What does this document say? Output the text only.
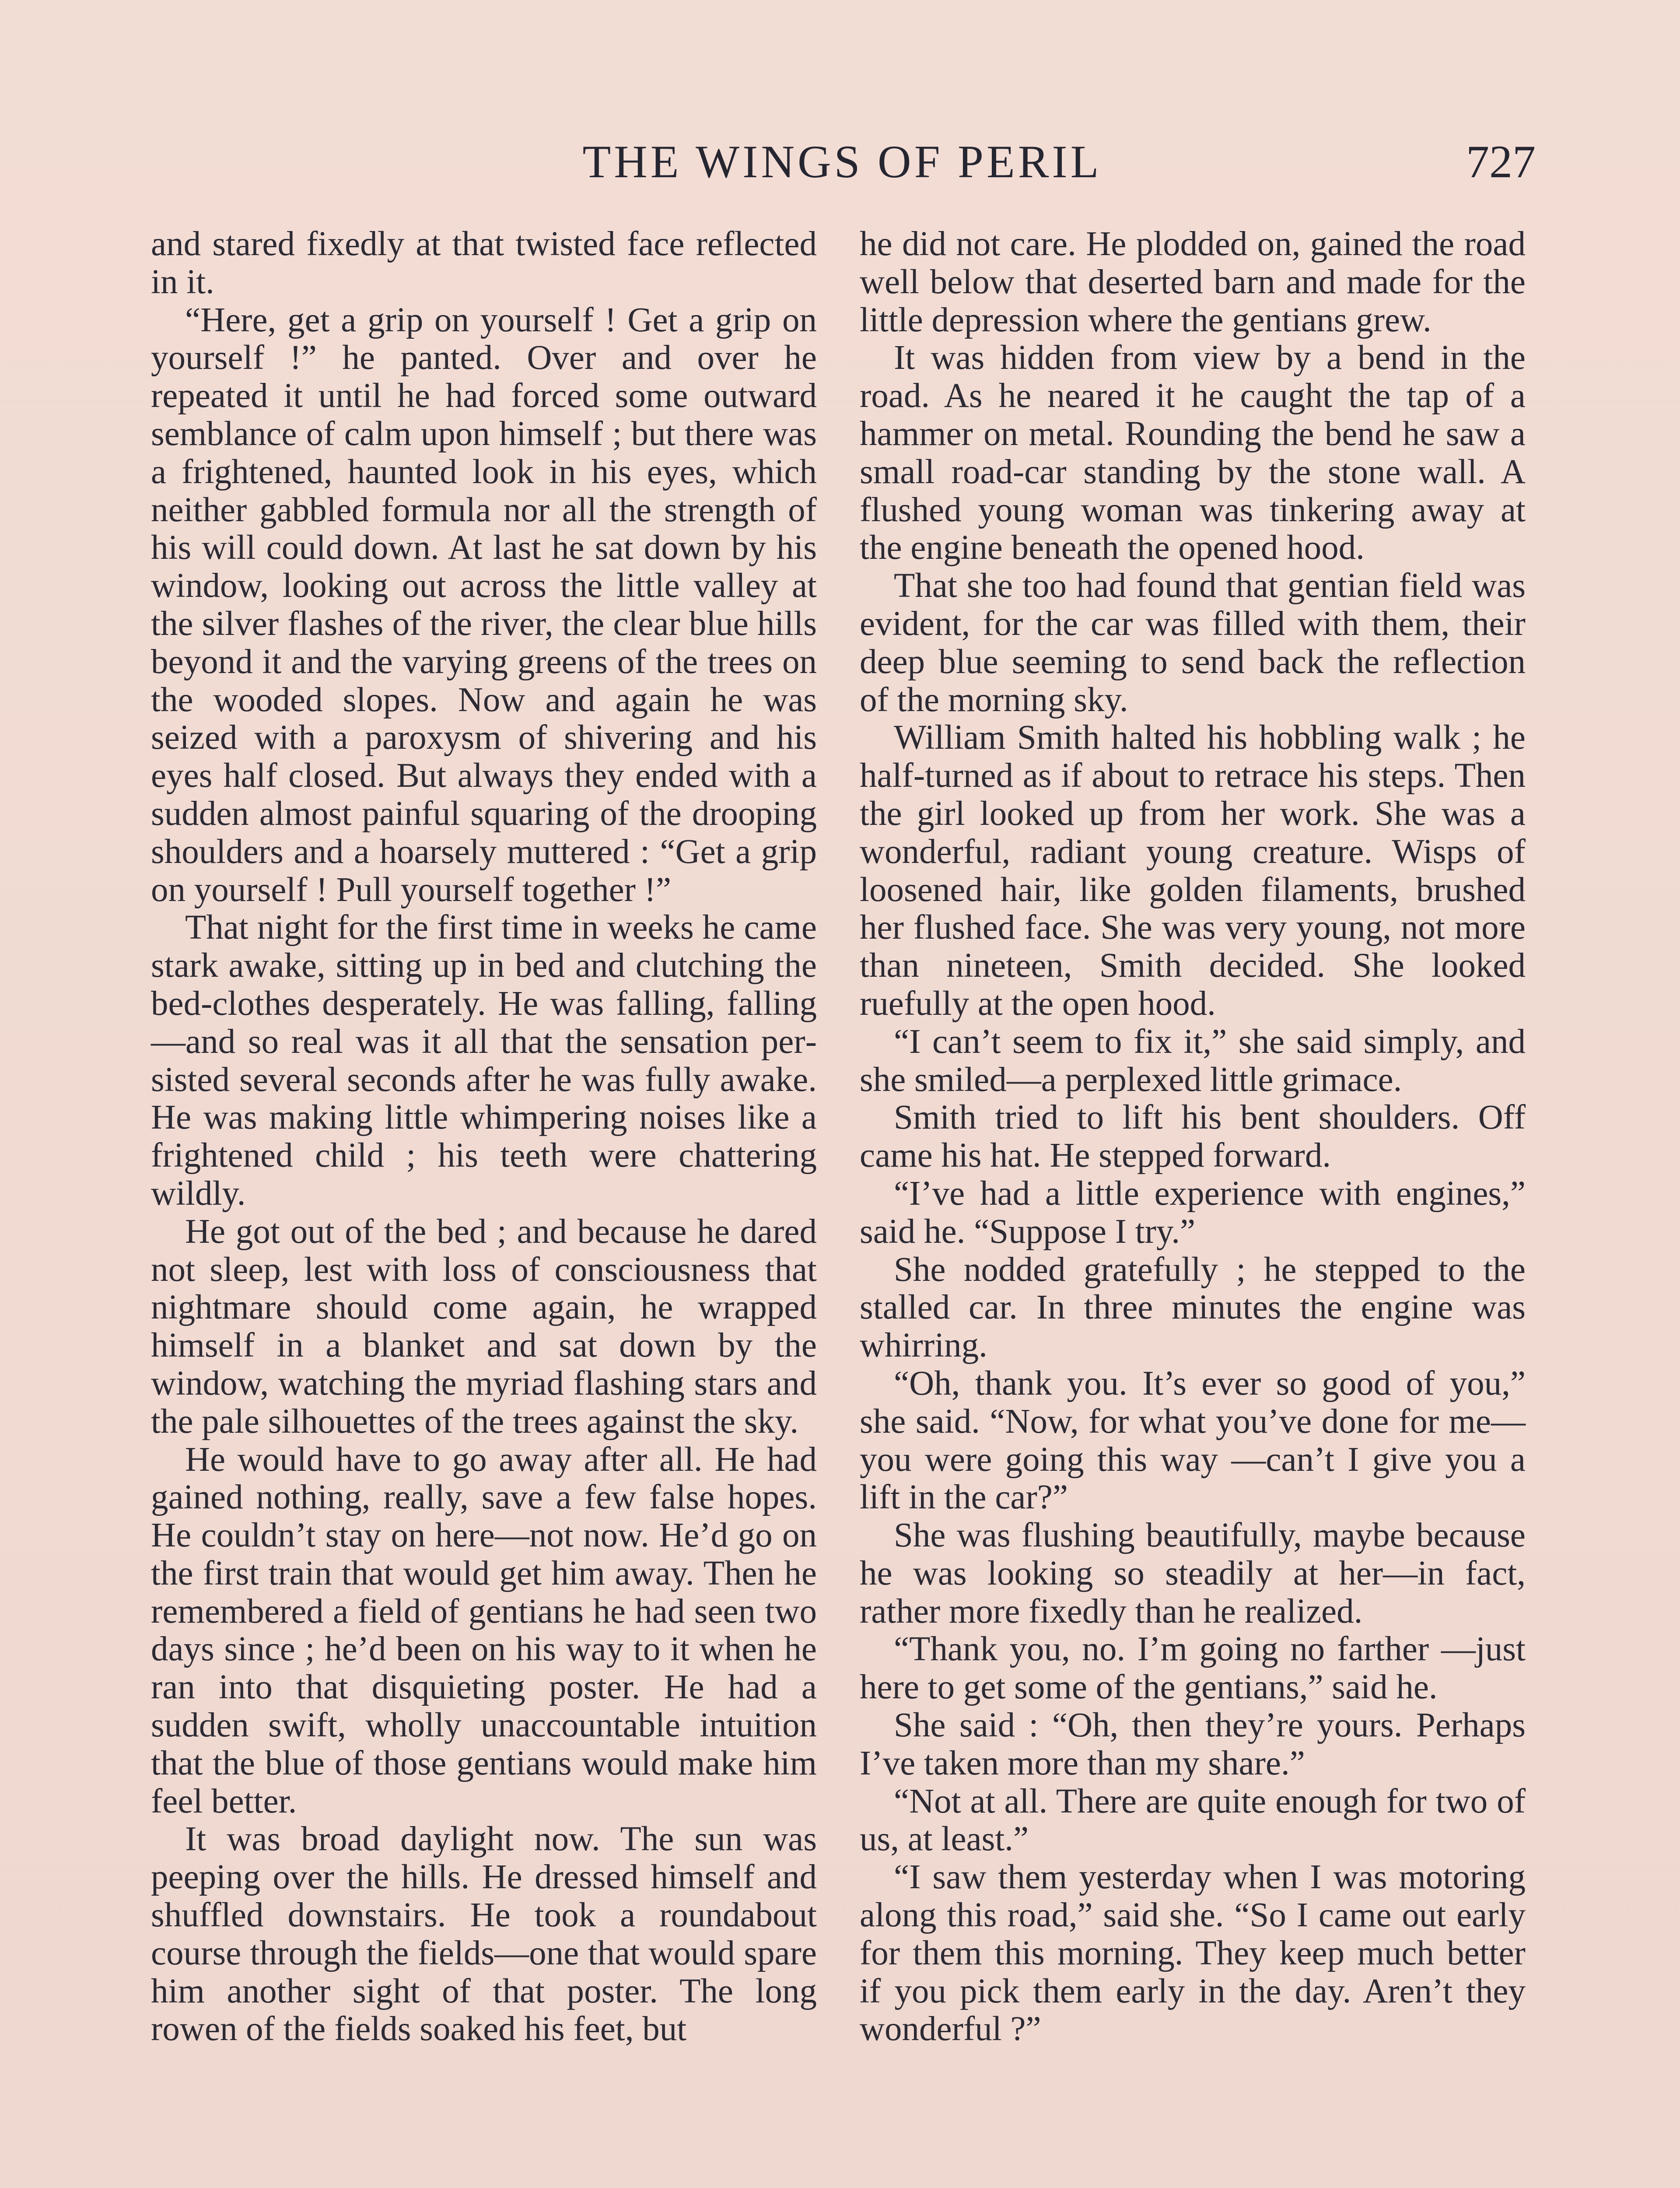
THE WINGS OF PERIL	727

and stared fixedly at that twisted face reflected in it.

“Here, get a grip on yourself ! Get a grip on yourself !” he panted. Over and over he repeated it until he had forced some outward semblance of calm upon himself ; but there was a frightened, haunted look in his eyes, which neither gabbled formula nor all the strength of his will could down. At last he sat down by his window, looking out across the little valley at the silver flashes of the river, the clear blue hills beyond it and the varying greens of the trees on the wooded slopes. Now and again he was seized with a paroxysm of shivering and his eyes half closed. But always they ended with a sudden almost painful squaring of the drooping shoulders and a hoarsely muttered : “Get a grip on yourself ! Pull yourself together !”

That night for the first time in weeks he came stark awake, sitting up in bed and clutching the bed-clothes desperately. He was falling, falling—and so real was it all that the sensation persisted several seconds after he was fully awake. He was making little whimpering noises like a frightened child ; his teeth were chattering wildly.

He got out of the bed ; and because he dared not sleep, lest with loss of consciousness that nightmare should come again, he wrapped himself in a blanket and sat down by the window, watching the myriad flashing stars and the pale silhouettes of the trees against the sky.

He would have to go away after all. He had gained nothing, really, save a few false hopes. He couldn’t stay on here—not now. He’d go on the first train that would get him away. Then he remembered a field of gentians he had seen two days since ; he’d been on his way to it when he ran into that disquieting poster. He had a sudden swift, wholly unaccountable intuition that the blue of those gentians would make him feel better.

It was broad daylight now. The sun was peeping over the hills. He dressed himself and shuffled downstairs. He took a roundabout course through the fields—one that would spare him another sight of that poster. The long rowen of the fields soaked his feet, but

he did not care. He plodded on, gained the road well below that deserted barn and made for the little depression where the gentians grew.

It was hidden from view by a bend in the road. As he neared it he caught the tap of a hammer on metal. Rounding the bend he saw a small road-car standing by the stone wall. A flushed young woman was tinkering away at the engine beneath the opened hood.

That she too had found that gentian field was evident, for the car was filled with them, their deep blue seeming to send back the reflection of the morning sky.

William Smith halted his hobbling walk ; he half-turned as if about to retrace his steps. Then the girl looked up from her work. She was a wonderful, radiant young creature. Wisps of loosened hair, like golden filaments, brushed her flushed face. She was very young, not more than nineteen, Smith decided. She looked ruefully at the open hood.

“I can’t seem to fix it,” she said simply, and she smiled—a perplexed little grimace.

Smith tried to lift his bent shoulders. Off came his hat. He stepped forward.

“I’ve had a little experience with engines,” said he. “Suppose I try.”

She nodded gratefully ; he stepped to the stalled car. In three minutes the engine was whirring.

“Oh, thank you. It’s ever so good of you,” she said. “Now, for what you’ve done for me—you were going this way —can’t I give you a lift in the car?”

She was flushing beautifully, maybe because he was looking so steadily at her—in fact, rather more fixedly than he realized.

“Thank you, no. I’m going no farther —just here to get some of the gentians,” said he.

She said : “Oh, then they’re yours. Perhaps I’ve taken more than my share.”

“Not at all. There are quite enough for two of us, at least.”

“I saw them yesterday when I was motoring along this road,” said she. “So I came out early for them this morning. They keep much better if you pick them early in the day. Aren’t they wonderful ?”
